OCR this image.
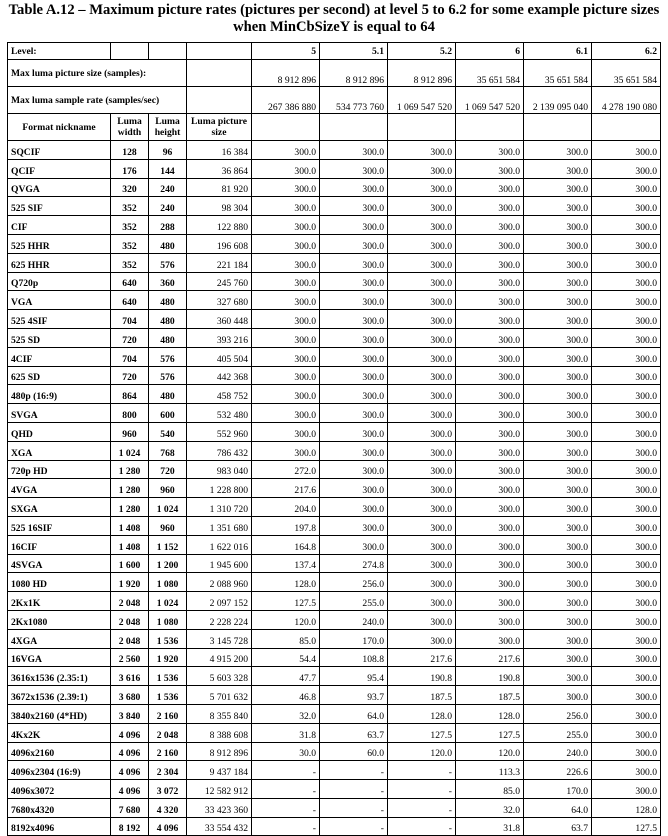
Table A.12 – Maximum picture rates (pictures per second) at level 5 to 6.2 for some example picture sizes
when MinCbSizeY is equal to 64
Level:				5	5.1	5.2	6	6.1	6.2
Max luma picture size (samples):				8 912 896	8 912 896	8 912 896	35 651 584	35 651 584	35 651 584
Max luma sample rate (samples/sec)				267 386 880	534 773 760	1 069 547 520	1 069 547 520	2 139 095 040	4 278 190 080
Format nickname	Luma width	Luma height	Luma picture size						
SQCIF	128	96	16 384	300.0	300.0	300.0	300.0	300.0	300.0
QCIF	176	144	36 864	300.0	300.0	300.0	300.0	300.0	300.0
QVGA	320	240	81 920	300.0	300.0	300.0	300.0	300.0	300.0
525 SIF	352	240	98 304	300.0	300.0	300.0	300.0	300.0	300.0
CIF	352	288	122 880	300.0	300.0	300.0	300.0	300.0	300.0
525 HHR	352	480	196 608	300.0	300.0	300.0	300.0	300.0	300.0
625 HHR	352	576	221 184	300.0	300.0	300.0	300.0	300.0	300.0
Q720p	640	360	245 760	300.0	300.0	300.0	300.0	300.0	300.0
VGA	640	480	327 680	300.0	300.0	300.0	300.0	300.0	300.0
525 4SIF	704	480	360 448	300.0	300.0	300.0	300.0	300.0	300.0
525 SD	720	480	393 216	300.0	300.0	300.0	300.0	300.0	300.0
4CIF	704	576	405 504	300.0	300.0	300.0	300.0	300.0	300.0
625 SD	720	576	442 368	300.0	300.0	300.0	300.0	300.0	300.0
480p (16:9)	864	480	458 752	300.0	300.0	300.0	300.0	300.0	300.0
SVGA	800	600	532 480	300.0	300.0	300.0	300.0	300.0	300.0
QHD	960	540	552 960	300.0	300.0	300.0	300.0	300.0	300.0
XGA	1 024	768	786 432	300.0	300.0	300.0	300.0	300.0	300.0
720p HD	1 280	720	983 040	272.0	300.0	300.0	300.0	300.0	300.0
4VGA	1 280	960	1 228 800	217.6	300.0	300.0	300.0	300.0	300.0
SXGA	1 280	1 024	1 310 720	204.0	300.0	300.0	300.0	300.0	300.0
525 16SIF	1 408	960	1 351 680	197.8	300.0	300.0	300.0	300.0	300.0
16CIF	1 408	1 152	1 622 016	164.8	300.0	300.0	300.0	300.0	300.0
4SVGA	1 600	1 200	1 945 600	137.4	274.8	300.0	300.0	300.0	300.0
1080 HD	1 920	1 080	2 088 960	128.0	256.0	300.0	300.0	300.0	300.0
2Kx1K	2 048	1 024	2 097 152	127.5	255.0	300.0	300.0	300.0	300.0
2Kx1080	2 048	1 080	2 228 224	120.0	240.0	300.0	300.0	300.0	300.0
4XGA	2 048	1 536	3 145 728	85.0	170.0	300.0	300.0	300.0	300.0
16VGA	2 560	1 920	4 915 200	54.4	108.8	217.6	217.6	300.0	300.0
3616x1536 (2.35:1)	3 616	1 536	5 603 328	47.7	95.4	190.8	190.8	300.0	300.0
3672x1536 (2.39:1)	3 680	1 536	5 701 632	46.8	93.7	187.5	187.5	300.0	300.0
3840x2160 (4*HD)	3 840	2 160	8 355 840	32.0	64.0	128.0	128.0	256.0	300.0
4Kx2K	4 096	2 048	8 388 608	31.8	63.7	127.5	127.5	255.0	300.0
4096x2160	4 096	2 160	8 912 896	30.0	60.0	120.0	120.0	240.0	300.0
4096x2304 (16:9)	4 096	2 304	9 437 184	-	-	-	113.3	226.6	300.0
4096x3072	4 096	3 072	12 582 912	-	-	-	85.0	170.0	300.0
7680x4320	7 680	4 320	33 423 360	-	-	-	32.0	64.0	128.0
8192x4096	8 192	4 096	33 554 432	-	-	-	31.8	63.7	127.5
